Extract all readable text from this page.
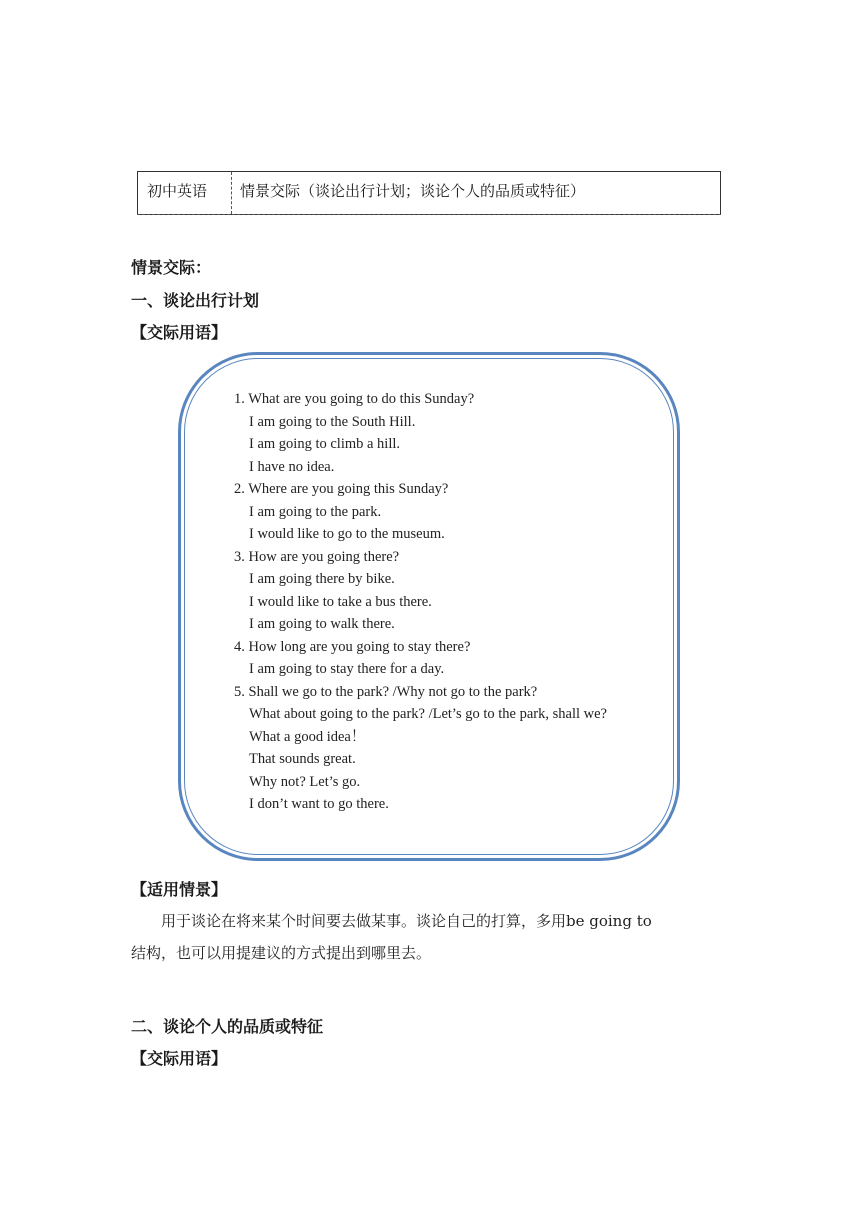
初中英语	情景交际（谈论出行计划；谈论个人的品质或特征）
情景交际：
一、谈论出行计划
【交际用语】
1. What are you going to do this Sunday?
I am going to the South Hill.
I am going to climb a hill.
I have no idea.
2. Where are you going this Sunday?
I am going to the park.
I would like to go to the museum.
3. How are you going there?
I am going there by bike.
I would like to take a bus there.
I am going to walk there.
4. How long are you going to stay there?
I am going to stay there for a day.
5. Shall we go to the park? /Why not go to the park?
What about going to the park? /Let’s go to the park, shall we?
What a good idea！
That sounds great.
Why not? Let’s go.
I don’t want to go there.
【适用情景】
用于谈论在将来某个时间要去做某事。谈论自己的打算，多用be going to
结构，也可以用提建议的方式提出到哪里去。
二、谈论个人的品质或特征
【交际用语】
